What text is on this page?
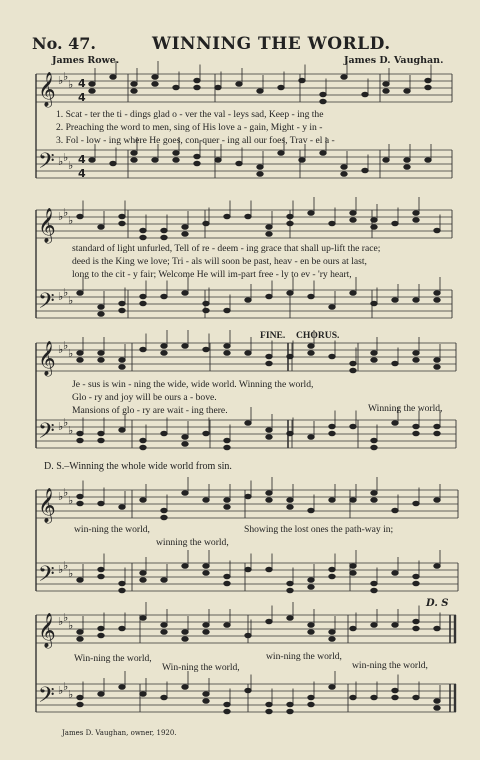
𝄞
𝄞
𝄞
𝄞
𝄞
𝄢
𝄢
𝄢
𝄢
𝄢
♭ ♭
♭
♭ ♭
♭
♭ ♭
♭
♭ ♭
♭
♭ ♭
♭
♭ ♭
♭
♭ ♭
♭
♭ ♭
♭
♭ ♭
♭
♭ ♭
♭
4
4
4
4
No. 47.	WINNING THE WORLD.
James Rowe.	James D. Vaughan.
1. Scat - ter the ti - dings glad o - ver the val - leys sad, Keep - ing the
2. Preaching the word to men, sing of His love a - gain, Might - y in -
3. Fol - low - ing where He goes, con-quer - ing all our foes, Trav - el a -
standard of light unfurled, Tell of re - deem - ing grace that shall up-lift the race;
deed is the King we love; Tri - als will soon be past, heav - en be ours at last,
long to the cit - y fair; Welcome He will im-part free - ly to ev - 'ry heart,
FINE. CHORUS.
Je - sus is win - ning the wide, wide world. Winning the world,
Glo - ry and joy will be ours a - bove.
Mansions of glo - ry are wait - ing there.	Winning the world,
D. S.–Winning the whole wide world from sin.
win-ning the world,	Showing the lost ones the path-way in;
winning the world,
D. S
Win-ning the world,	win-ning the world,
Win-ning the world,	win-ning the world,
James D. Vaughan, owner, 1920.
